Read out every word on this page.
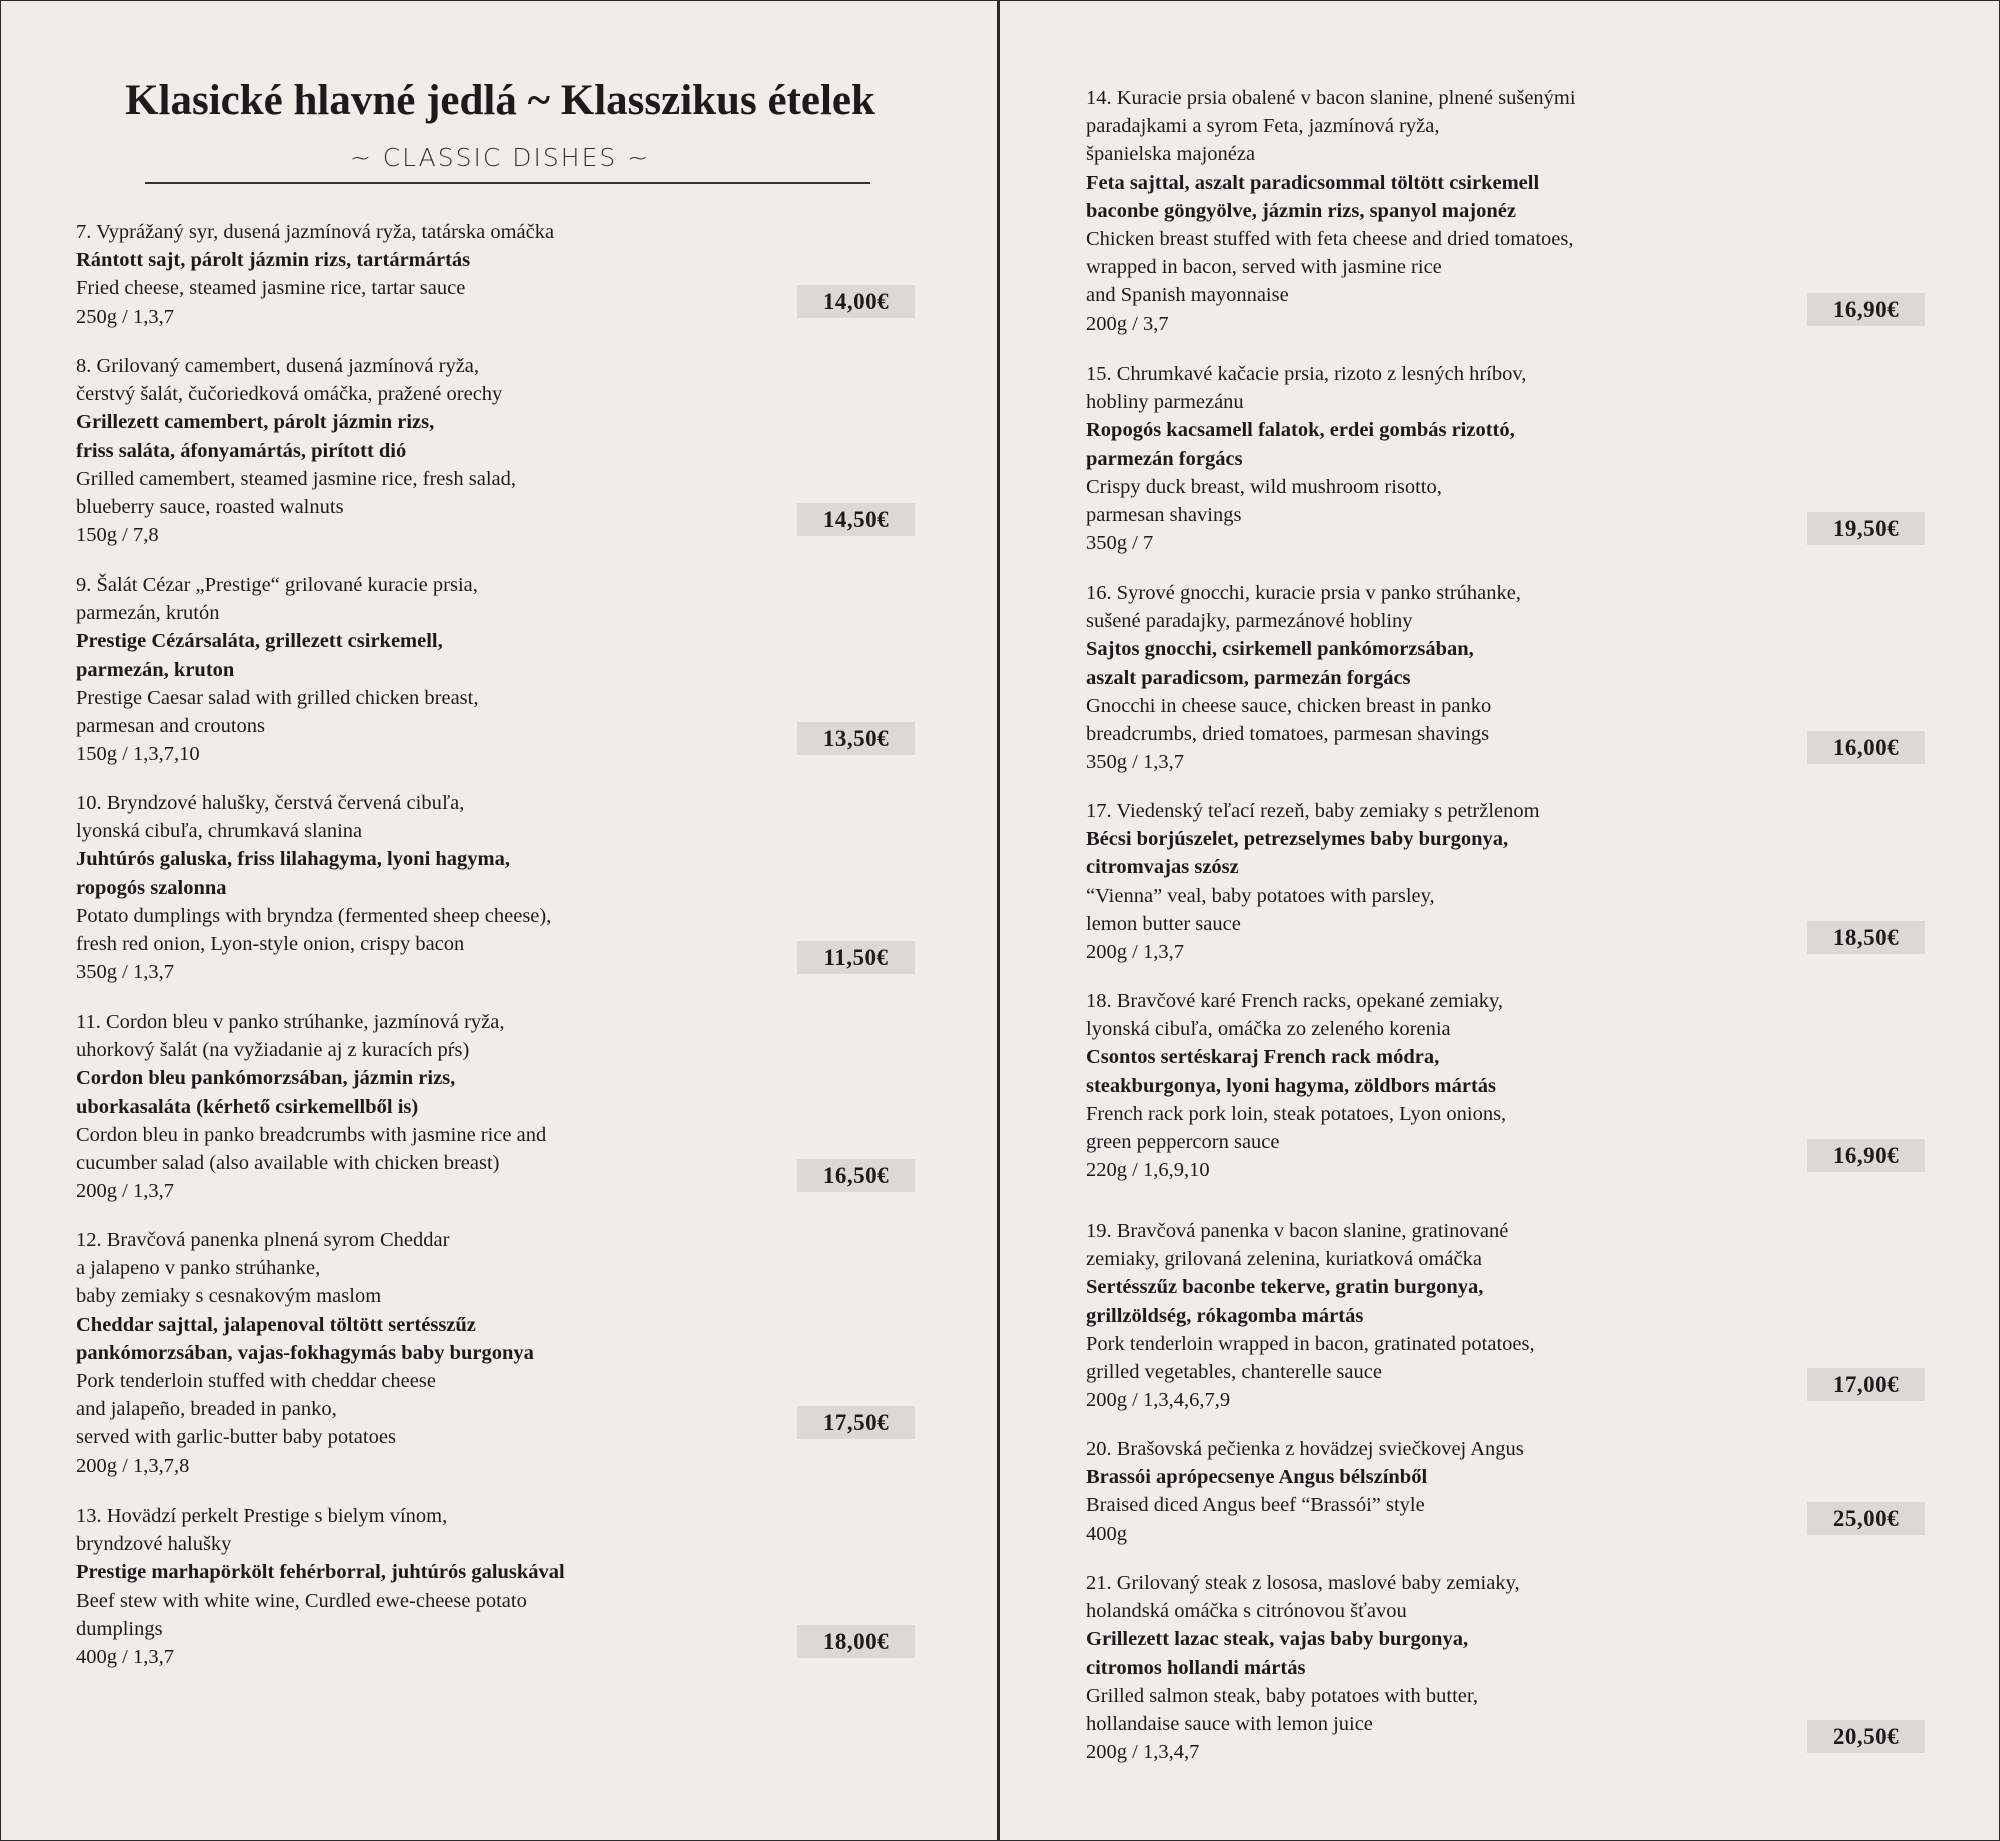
Klasické hlavné jedlá ~ Klasszikus ételek
~ CLASSIC DISHES ~
7. Vyprážaný syr, dusená jazmínová ryža, tatárska omáčka
Rántott sajt, párolt jázmin rizs, tartármártás
Fried cheese, steamed jasmine rice, tartar sauce
250g / 1,3,7
14,00€
8. Grilovaný camembert, dusená jazmínová ryža,
čerstvý šalát, čučoriedková omáčka, pražené orechy
Grillezett camembert, párolt jázmin rizs,
friss saláta, áfonyamártás, pirított dió
Grilled camembert, steamed jasmine rice, fresh salad,
blueberry sauce, roasted walnuts
150g / 7,8
14,50€
9. Šalát Cézar „Prestige“ grilované kuracie prsia,
parmezán, krutón
Prestige Cézársaláta, grillezett csirkemell,
parmezán, kruton
Prestige Caesar salad with grilled chicken breast,
parmesan and croutons
150g / 1,3,7,10
13,50€
10. Bryndzové halušky, čerstvá červená cibuľa,
lyonská cibuľa, chrumkavá slanina
Juhtúrós galuska, friss lilahagyma, lyoni hagyma,
ropogós szalonna
Potato dumplings with bryndza (fermented sheep cheese),
fresh red onion, Lyon-style onion, crispy bacon
350g / 1,3,7
11,50€
11. Cordon bleu v panko strúhanke, jazmínová ryža,
uhorkový šalát (na vyžiadanie aj z kuracích pŕs)
Cordon bleu pankómorzsában, jázmin rizs,
uborkasaláta (kérhető csirkemellből is)
Cordon bleu in panko breadcrumbs with jasmine rice and
cucumber salad (also available with chicken breast)
200g / 1,3,7
16,50€
12. Bravčová panenka plnená syrom Cheddar
a jalapeno v panko strúhanke,
baby zemiaky s cesnakovým maslom
Cheddar sajttal, jalapenoval töltött sertésszűz
pankómorzsában, vajas-fokhagymás baby burgonya
Pork tenderloin stuffed with cheddar cheese
and jalapeño, breaded in panko,
served with garlic-butter baby potatoes
200g / 1,3,7,8
17,50€
13. Hovädzí perkelt Prestige s bielym vínom,
bryndzové halušky
Prestige marhapörkölt fehérborral, juhtúrós galuskával
Beef stew with white wine, Curdled ewe-cheese potato
dumplings
400g / 1,3,7
18,00€
14. Kuracie prsia obalené v bacon slanine, plnené sušenými
paradajkami a syrom Feta, jazmínová ryža,
španielska majonéza
Feta sajttal, aszalt paradicsommal töltött csirkemell
baconbe göngyölve, jázmin rizs, spanyol majonéz
Chicken breast stuffed with feta cheese and dried tomatoes,
wrapped in bacon, served with jasmine rice
and Spanish mayonnaise
200g / 3,7
16,90€
15. Chrumkavé kačacie prsia, rizoto z lesných hríbov,
hobliny parmezánu
Ropogós kacsamell falatok, erdei gombás rizottó,
parmezán forgács
Crispy duck breast, wild mushroom risotto,
parmesan shavings
350g / 7
19,50€
16. Syrové gnocchi, kuracie prsia v panko strúhanke,
sušené paradajky, parmezánové hobliny
Sajtos gnocchi, csirkemell pankómorzsában,
aszalt paradicsom, parmezán forgács
Gnocchi in cheese sauce, chicken breast in panko
breadcrumbs, dried tomatoes, parmesan shavings
350g / 1,3,7
16,00€
17. Viedenský teľací rezeň, baby zemiaky s petržlenom
Bécsi borjúszelet, petrezselymes baby burgonya,
citromvajas szósz
“Vienna” veal, baby potatoes with parsley,
lemon butter sauce
200g / 1,3,7
18,50€
18. Bravčové karé French racks, opekané zemiaky,
lyonská cibuľa, omáčka zo zeleného korenia
Csontos sertéskaraj French rack módra,
steakburgonya, lyoni hagyma, zöldbors mártás
French rack pork loin, steak potatoes, Lyon onions,
green peppercorn sauce
220g / 1,6,9,10
16,90€
19. Bravčová panenka v bacon slanine, gratinované
zemiaky, grilovaná zelenina, kuriatková omáčka
Sertésszűz baconbe tekerve, gratin burgonya,
grillzöldség, rókagomba mártás
Pork tenderloin wrapped in bacon, gratinated potatoes,
grilled vegetables, chanterelle sauce
200g / 1,3,4,6,7,9
17,00€
20. Brašovská pečienka z hovädzej sviečkovej Angus
Brassói aprópecsenye Angus bélszínből
Braised diced Angus beef “Brassói” style
400g
25,00€
21. Grilovaný steak z lososa, maslové baby zemiaky,
holandská omáčka s citrónovou šťavou
Grillezett lazac steak, vajas baby burgonya,
citromos hollandi mártás
Grilled salmon steak, baby potatoes with butter,
hollandaise sauce with lemon juice
200g / 1,3,4,7
20,50€
